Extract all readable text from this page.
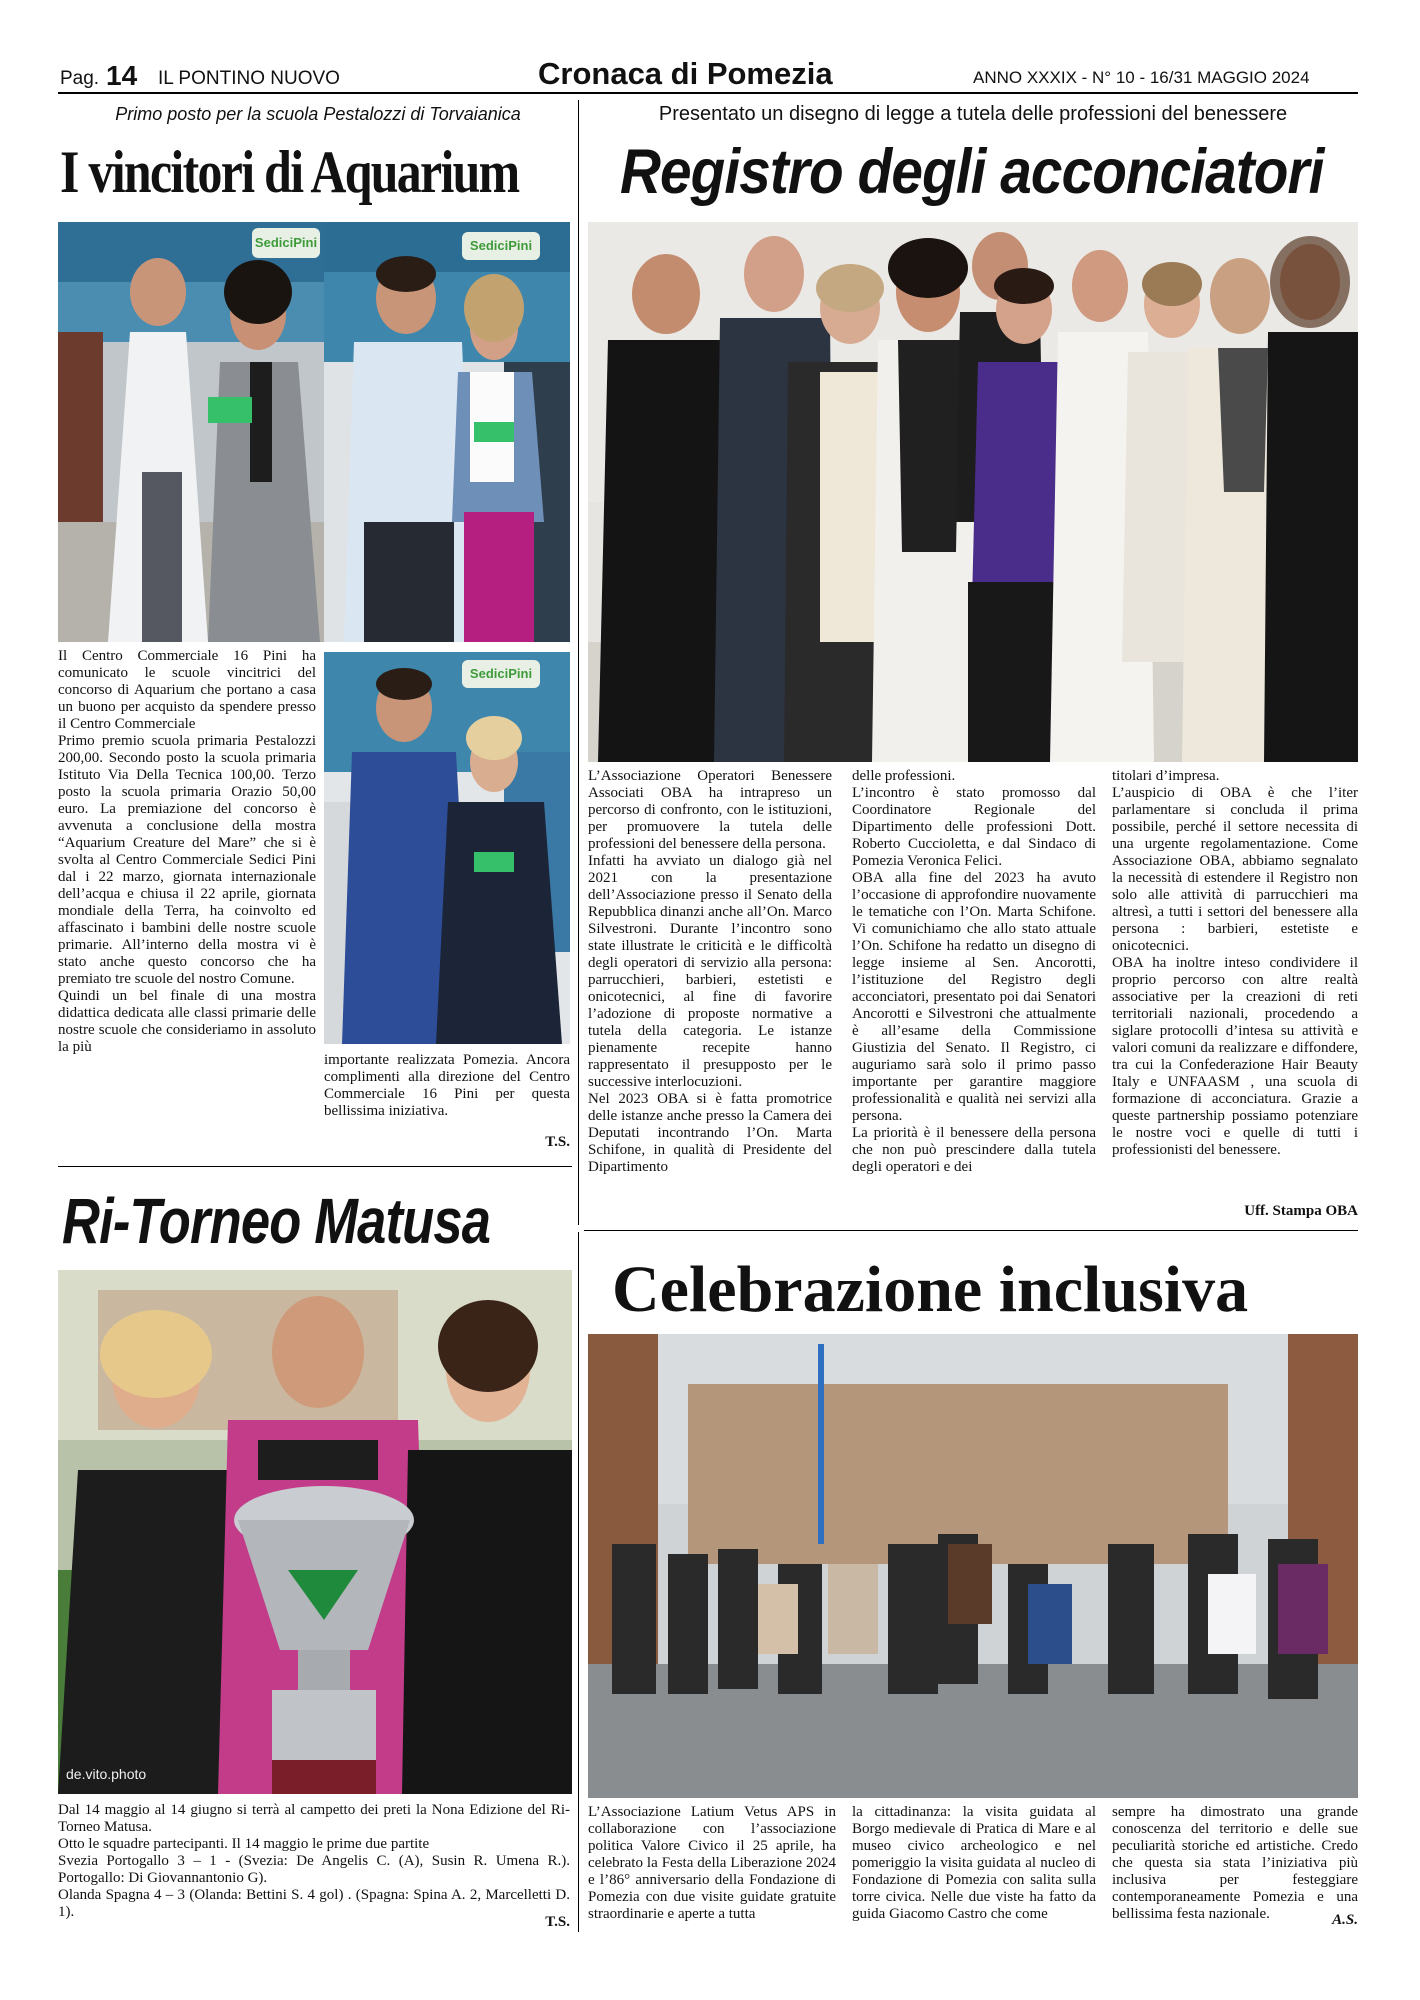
Pag. 14 IL PONTINO NUOVO	Cronaca di Pomezia	ANNO XXXIX - N° 10 - 16/31 MAGGIO 2024
Primo posto per la scuola Pestalozzi di Torvaianica
I vincitori di Aquarium
SediciPini	SediciPini
SediciPini

Il Centro Commerciale 16 Pini ha comunicato le scuole vincitrici del concorso di Aquarium che portano a casa un buono per acquisto da spendere presso il Centro Commerciale

Primo premio scuola primaria Pestalozzi 200,00. Secondo posto la scuola primaria Istituto Via Della Tecnica 100,00. Terzo posto la scuola primaria Orazio 50,00 euro. La premiazione del concorso è avvenuta a conclusione della mostra “Aquarium Creature del Mare” che si è svolta al Centro Commerciale Sedici Pini dal i 22 marzo, giornata internazionale dell’acqua e chiusa il 22 aprile, giornata mondiale della Terra, ha coinvolto ed affascinato i bambini delle nostre scuole primarie. All’interno della mostra vi è stato anche questo concorso che ha premiato tre scuole del nostro Comune.

Quindi un bel finale di una mostra didattica dedicata alle classi primarie delle nostre scuole che consideriamo in assoluto la più

importante realizzata Pomezia. Ancora complimenti alla direzione del Centro Commerciale 16 Pini per questa bellissima iniziativa.

T.S.
Presentato un disegno di legge a tutela delle professioni del benessere
Registro degli acconciatori

L’Associazione Operatori Benessere Associati OBA ha intrapreso un percorso di confronto, con le istituzioni, per promuovere la tutela delle professioni del benessere della persona.

Infatti ha avviato un dialogo già nel 2021 con la presentazione dell’Associazione presso il Senato della Repubblica dinanzi anche all’On. Marco Silvestroni. Durante l’incontro sono state illustrate le criticità e le difficoltà degli operatori di servizio alla persona: parrucchieri, barbieri, estetisti e onicotecnici, al fine di favorire l’adozione di proposte normative a tutela della categoria. Le istanze pienamente recepite hanno rappresentato il presupposto per le successive interlocuzioni.

Nel 2023 OBA si è fatta promotrice delle istanze anche presso la Camera dei Deputati incontrando l’On. Marta Schifone, in qualità di Presidente del Dipartimento

delle professioni.

L’incontro è stato promosso dal Coordinatore Regionale del Dipartimento delle professioni Dott. Roberto Cuccioletta, e dal Sindaco di Pomezia Veronica Felici.

OBA alla fine del 2023 ha avuto l’occasione di approfondire nuovamente le tematiche con l’On. Marta Schifone. Vi comunichiamo che allo stato attuale l’On. Schifone ha redatto un disegno di legge insieme al Sen. Ancorotti, l’istituzione del Registro degli acconciatori, presentato poi dai Senatori Ancorotti e Silvestroni che attualmente è all’esame della Commissione Giustizia del Senato. Il Registro, ci auguriamo sarà solo il primo passo importante per garantire maggiore professionalità e qualità nei servizi alla persona.

La priorità è il benessere della persona che non può prescindere dalla tutela degli operatori e dei

titolari d’impresa.

L’auspicio di OBA è che l’iter parlamentare si concluda il prima possibile, perché il settore necessita di una urgente regolamentazione. Come Associazione OBA, abbiamo segnalato la necessità di estendere il Registro non solo alle attività di parrucchieri ma altresì, a tutti i settori del benessere alla persona : barbieri, estetiste e onicotecnici.

OBA ha inoltre inteso condividere il proprio percorso con altre realtà associative per la creazioni di reti territoriali nazionali, procedendo a siglare protocolli d’intesa su attività e valori comuni da realizzare e diffondere, tra cui la Confederazione Hair Beauty Italy e UNFAASM , una scuola di formazione di acconciatura. Grazie a queste partnership possiamo potenziare le nostre voci e quelle di tutti i professionisti del benessere.

Uff. Stampa OBA
Ri-Torneo Matusa
de.vito.photo

Dal 14 maggio al 14 giugno si terrà al campetto dei preti la Nona Edizione del Ri-Torneo Matusa.

Otto le squadre partecipanti. Il 14 maggio le prime due partite

Svezia Portogallo 3 – 1 - (Svezia: De Angelis C. (A), Susin R. Umena R.). Portogallo: Di Giovannantonio G).

Olanda Spagna 4 – 3 (Olanda: Bettini S. 4 gol) . (Spagna: Spina A. 2, Marcelletti D. 1).

T.S.
Celebrazione inclusiva

L’Associazione Latium Vetus APS in collaborazione con l’associazione politica Valore Civico il 25 aprile, ha celebrato la Festa della Liberazione 2024 e l’86° anniversario della Fondazione di Pomezia con due visite guidate gratuite straordinarie e aperte a tutta

la cittadinanza: la visita guidata al Borgo medievale di Pratica di Mare e al museo civico archeologico e nel pomeriggio la visita guidata al nucleo di Fondazione di Pomezia con salita sulla torre civica. Nelle due viste ha fatto da guida Giacomo Castro che come

sempre ha dimostrato una grande conoscenza del territorio e delle sue peculiarità storiche ed artistiche. Credo che questa sia stata l’iniziativa più inclusiva per festeggiare contemporaneamente Pomezia e una bellissima festa nazionale.	A.S.
